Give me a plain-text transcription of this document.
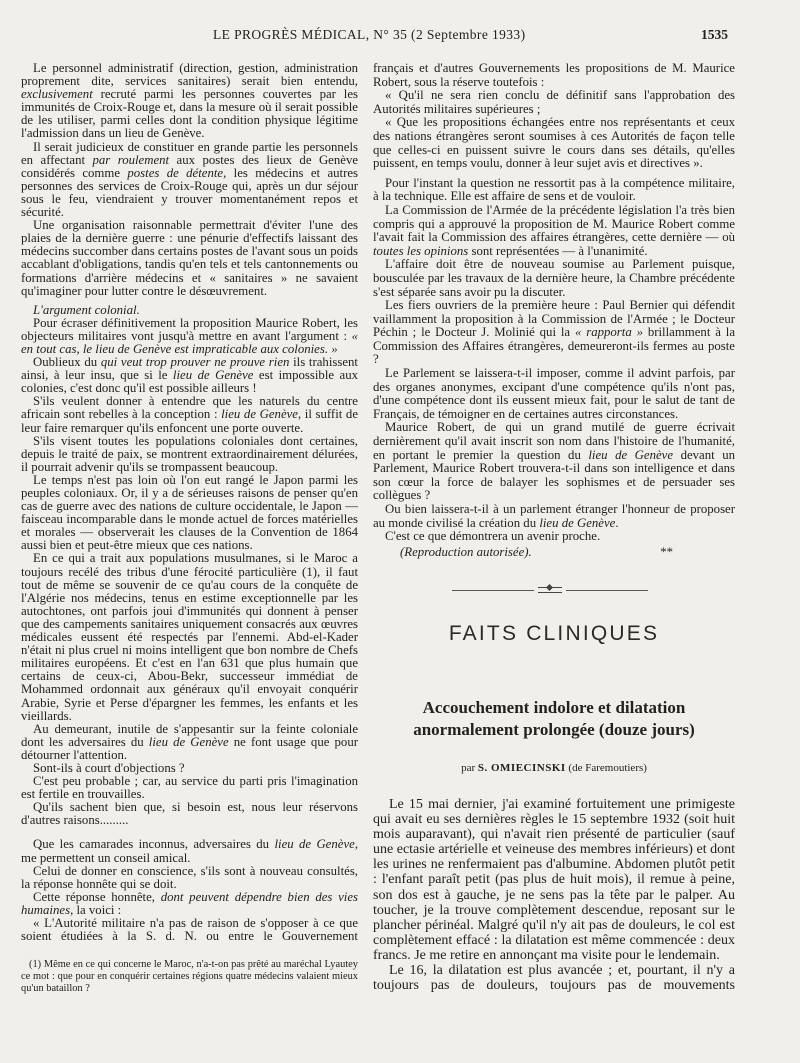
LE PROGRÈS MÉDICAL, N° 35 (2 Septembre 1933)	1535

Le personnel administratif (direction, gestion, administration proprement dite, services sanitaires) serait bien entendu, exclusivement recruté parmi les personnes couvertes par les immunités de Croix-Rouge et, dans la mesure où il serait possible de les utiliser, parmi celles dont la condition physique légitime l'admission dans un lieu de Genève.

Il serait judicieux de constituer en grande partie les personnels en affectant par roulement aux postes des lieux de Genève considérés comme postes de détente, les médecins et autres personnes des services de Croix-Rouge qui, après un dur séjour sous le feu, viendraient y trouver momentanément repos et sécurité.

Une organisation raisonnable permettrait d'éviter l'une des plaies de la dernière guerre : une pénurie d'effectifs laissant des médecins succomber dans certains postes de l'avant sous un poids accablant d'obligations, tandis qu'en tels et tels cantonnements ou formations d'arrière médecins et « sanitaires » ne savaient qu'imaginer pour lutter contre le désœuvrement.

L'argument colonial.

Pour écraser définitivement la proposition Maurice Robert, les objecteurs militaires vont jusqu'à mettre en avant l'argument : « en tout cas, le lieu de Genève est impraticable aux colonies. »

Oublieux du qui veut trop prouver ne prouve rien ils trahissent ainsi, à leur insu, que si le lieu de Genève est impossible aux colonies, c'est donc qu'il est possible ailleurs !

S'ils veulent donner à entendre que les naturels du centre africain sont rebelles à la conception : lieu de Genève, il suffit de leur faire remarquer qu'ils enfoncent une porte ouverte.

S'ils visent toutes les populations coloniales dont certaines, depuis le traité de paix, se montrent extraordinairement délurées, il pourrait advenir qu'ils se trompassent beaucoup.

Le temps n'est pas loin où l'on eut rangé le Japon parmi les peuples coloniaux. Or, il y a de sérieuses raisons de penser qu'en cas de guerre avec des nations de culture occidentale, le Japon — faisceau incomparable dans le monde actuel de forces matérielles et morales — observerait les clauses de la Convention de 1864 aussi bien et peut-être mieux que ces nations.

En ce qui a trait aux populations musulmanes, si le Maroc a toujours recélé des tribus d'une férocité particulière (1), il faut tout de même se souvenir de ce qu'au cours de la conquête de l'Algérie nos médecins, tenus en estime exceptionnelle par les autochtones, ont parfois joui d'immunités qui donnent à penser que des campements sanitaires uniquement consacrés aux œuvres médicales eussent été respectés par l'ennemi. Abd-el-Kader n'était ni plus cruel ni moins intelligent que bon nombre de Chefs militaires européens. Et c'est en l'an 631 que plus humain que certains de ceux-ci, Abou-Bekr, successeur immédiat de Mohammed ordonnait aux généraux qu'il envoyait conquérir Arabie, Syrie et Perse d'épargner les femmes, les enfants et les vieillards.

Au demeurant, inutile de s'appesantir sur la feinte coloniale dont les adversaires du lieu de Genève ne font usage que pour détourner l'attention.

Sont-ils à court d'objections ?

C'est peu probable ; car, au service du parti pris l'imagination est fertile en trouvailles.

Qu'ils sachent bien que, si besoin est, nous leur réservons d'autres raisons.........

Que les camarades inconnus, adversaires du lieu de Genève, me permettent un conseil amical.

Celui de donner en conscience, s'ils sont à nouveau consultés, la réponse honnête qui se doit.

Cette réponse honnête, dont peuvent dépendre bien des vies humaines, la voici :

« L'Autorité militaire n'a pas de raison de s'opposer à ce que soient étudiées à la S. d. N. ou entre le Gouvernement

(1) Même en ce qui concerne le Maroc, n'a-t-on pas prêté au maréchal Lyautey ce mot : que pour en conquérir certaines régions quatre médecins valaient mieux qu'un bataillon ?

français et d'autres Gouvernements les propositions de M. Maurice Robert, sous la réserve toutefois :

« Qu'il ne sera rien conclu de définitif sans l'approbation des Autorités militaires supérieures ;

« Que les propositions échangées entre nos représentants et ceux des nations étrangères seront soumises à ces Autorités de façon telle que celles-ci en puissent suivre le cours dans ses détails, qu'elles puissent, en temps voulu, donner à leur sujet avis et directives ».

Pour l'instant la question ne ressortit pas à la compétence militaire, à la technique. Elle est affaire de sens et de vouloir.

La Commission de l'Armée de la précédente législation l'a très bien compris qui a approuvé la proposition de M. Maurice Robert comme l'avait fait la Commission des affaires étrangères, cette dernière — où toutes les opinions sont représentées — à l'unanimité.

L'affaire doit être de nouveau soumise au Parlement puisque, bousculée par les travaux de la dernière heure, la Chambre précédente s'est séparée sans avoir pu la discuter.

Les fiers ouvriers de la première heure : Paul Bernier qui défendit vaillamment la proposition à la Commission de l'Armée ; le Docteur Péchin ; le Docteur J. Molinié qui la « rapporta » brillamment à la Commission des Affaires étrangères, demeureront-ils fermes au poste ?

Le Parlement se laissera-t-il imposer, comme il advint parfois, par des organes anonymes, excipant d'une compétence qu'ils n'ont pas, d'une compétence dont ils eussent mieux fait, pour le salut de tant de Français, de témoigner en de certaines autres circonstances.

Maurice Robert, de qui un grand mutilé de guerre écrivait dernièrement qu'il avait inscrit son nom dans l'histoire de l'humanité, en portant le premier la question du lieu de Genève devant un Parlement, Maurice Robert trouvera-t-il dans son intelligence et dans son cœur la force de balayer les sophismes et de persuader ses collègues ?

Ou bien laissera-t-il à un parlement étranger l'honneur de proposer au monde civilisé la création du lieu de Genève.

C'est ce que démontrera un avenir proche.

(Reproduction autorisée).	**
FAITS CLINIQUES
Accouchement indolore et dilatation
anormalement prolongée (douze jours)
par S. OMIECINSKI (de Faremoutiers)

Le 15 mai dernier, j'ai examiné fortuitement une primigeste qui avait eu ses dernières règles le 15 septembre 1932 (soit huit mois auparavant), qui n'avait rien présenté de particulier (sauf une ectasie artérielle et veineuse des membres inférieurs) et dont les urines ne renfermaient pas d'albumine. Abdomen plutôt petit : l'enfant paraît petit (pas plus de huit mois), il remue à peine, son dos est à gauche, je ne sens pas la tête par le palper. Au toucher, je la trouve complètement descendue, reposant sur le plancher périnéal. Malgré qu'il n'y ait pas de douleurs, le col est complètement effacé : la dilatation est même commencée : deux francs. Je me retire en annonçant ma visite pour le lendemain.

Le 16, la dilatation est plus avancée ; et, pourtant, il n'y a toujours pas de douleurs, toujours pas de mouvements
